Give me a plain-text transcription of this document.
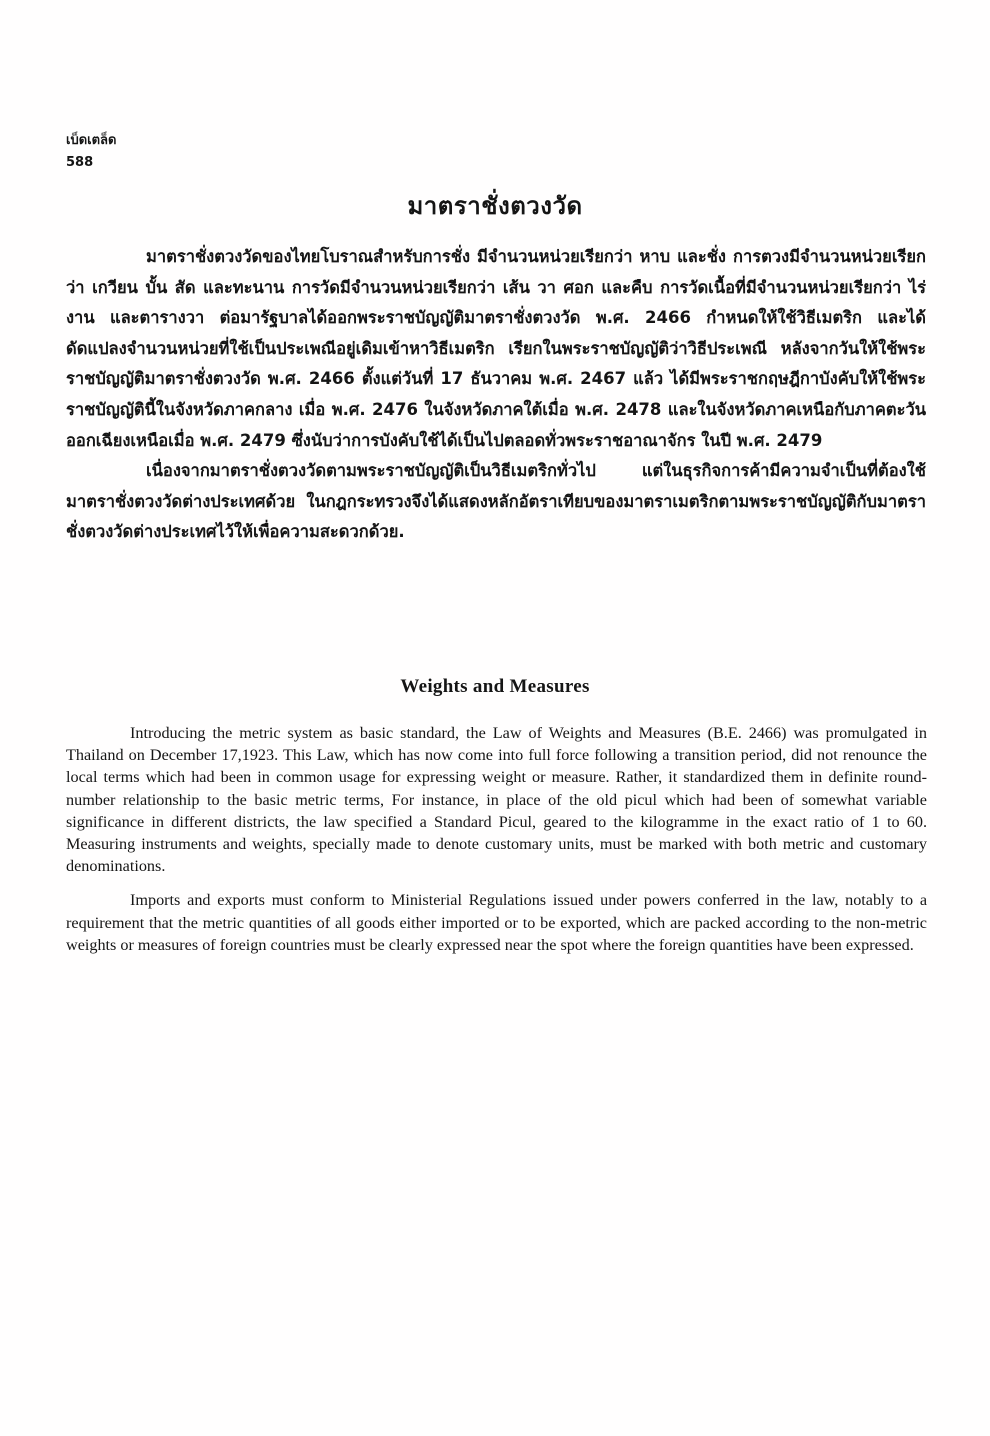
เบ็ดเตล็ด
588
มาตราชั่งตวงวัด

มาตราชั่งตวงวัดของไทยโบราณสำหรับการชั่ง มีจำนวนหน่วยเรียกว่า หาบ และชั่ง การตวงมีจำนวนหน่วยเรียกว่า เกวียน บั้น สัด และทะนาน การวัดมีจำนวนหน่วยเรียกว่า เส้น วา ศอก และคืบ การวัดเนื้อที่มีจำนวนหน่วยเรียกว่า ไร่ งาน และตารางวา ต่อมารัฐบาลได้ออกพระราชบัญญัติมาตราชั่งตวงวัด พ.ศ. 2466 กำหนดให้ใช้วิธีเมตริก และได้ดัดแปลงจำนวนหน่วยที่ใช้เป็นประเพณีอยู่เดิมเข้าหาวิธีเมตริก เรียกในพระราชบัญญัติว่าวิธีประเพณี หลังจากวันให้ใช้พระราชบัญญัติมาตราชั่งตวงวัด พ.ศ. 2466 ตั้งแต่วันที่ 17 ธันวาคม พ.ศ. 2467 แล้ว ได้มีพระราชกฤษฎีกาบังคับให้ใช้พระราชบัญญัตินี้ในจังหวัดภาคกลาง เมื่อ พ.ศ. 2476 ในจังหวัดภาคใต้เมื่อ พ.ศ. 2478 และในจังหวัดภาคเหนือกับภาคตะวันออกเฉียงเหนือเมื่อ พ.ศ. 2479 ซึ่งนับว่าการบังคับใช้ได้เป็นไปตลอดทั่วพระราชอาณาจักร ในปี พ.ศ. 2479

เนื่องจากมาตราชั่งตวงวัดตามพระราชบัญญัติเป็นวิธีเมตริกทั่วไป แต่ในธุรกิจการค้ามีความจำเป็นที่ต้องใช้มาตราชั่งตวงวัดต่างประเทศด้วย ในกฎกระทรวงจึงได้แสดงหลักอัตราเทียบของมาตราเมตริกตามพระราชบัญญัติกับมาตราชั่งตวงวัดต่างประเทศไว้ให้เพื่อความสะดวกด้วย.

Weights and Measures

Introducing the metric system as basic standard, the Law of Weights and Measures (B.E. 2466) was promulgated in Thailand on December 17,1923. This Law, which has now come into full force following a transition period, did not renounce the local terms which had been in common usage for expressing weight or measure. Rather, it standardized them in definite round-number relationship to the basic metric terms, For instance, in place of the old picul which had been of somewhat variable significance in different districts, the law specified a Standard Picul, geared to the kilogramme in the exact ratio of 1 to 60. Measuring instruments and weights, specially made to denote customary units, must be marked with both metric and customary denominations.

Imports and exports must conform to Ministerial Regulations issued under powers conferred in the law, notably to a requirement that the metric quantities of all goods either imported or to be exported, which are packed according to the non-metric weights or measures of foreign countries must be clearly expressed near the spot where the foreign quantities have been expressed.
